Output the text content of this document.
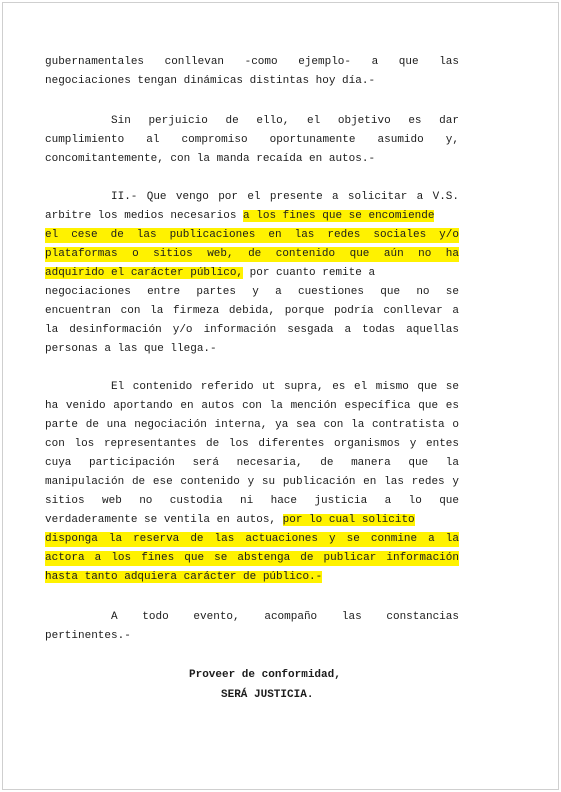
gubernamentales conllevan -como ejemplo- a que las
negociaciones tengan dinámicas distintas hoy día.-
Sin perjuicio de ello, el objetivo es dar
cumplimiento al compromiso oportunamente asumido y,
concomitantemente, con la manda recaída en autos.-
II.- Que vengo por el presente a solicitar a V.S.
arbitre los medios necesarios a los fines que se encomiende
el cese de las publicaciones en las redes sociales y/o
plataformas o sitios web, de contenido que aún no ha
adquirido el carácter público, por cuanto remite a
negociaciones entre partes y a cuestiones que no se
encuentran con la firmeza debida, porque podría conllevar a
la desinformación y/o información sesgada a todas aquellas
personas a las que llega.-
El contenido referido ut supra, es el mismo que se
ha venido aportando en autos con la mención específica que es
parte de una negociación interna, ya sea con la contratista o
con los representantes de los diferentes organismos y entes
cuya participación será necesaria, de manera que la
manipulación de ese contenido y su publicación en las redes y
sitios web no custodia ni hace justicia a lo que
verdaderamente se ventila en autos, por lo cual solicito
disponga la reserva de las actuaciones y se conmine a la
actora a los fines que se abstenga de publicar información
hasta tanto adquiera carácter de público.-
A todo evento, acompaño las constancias
pertinentes.-
Proveer de conformidad,
SERÁ JUSTICIA.
